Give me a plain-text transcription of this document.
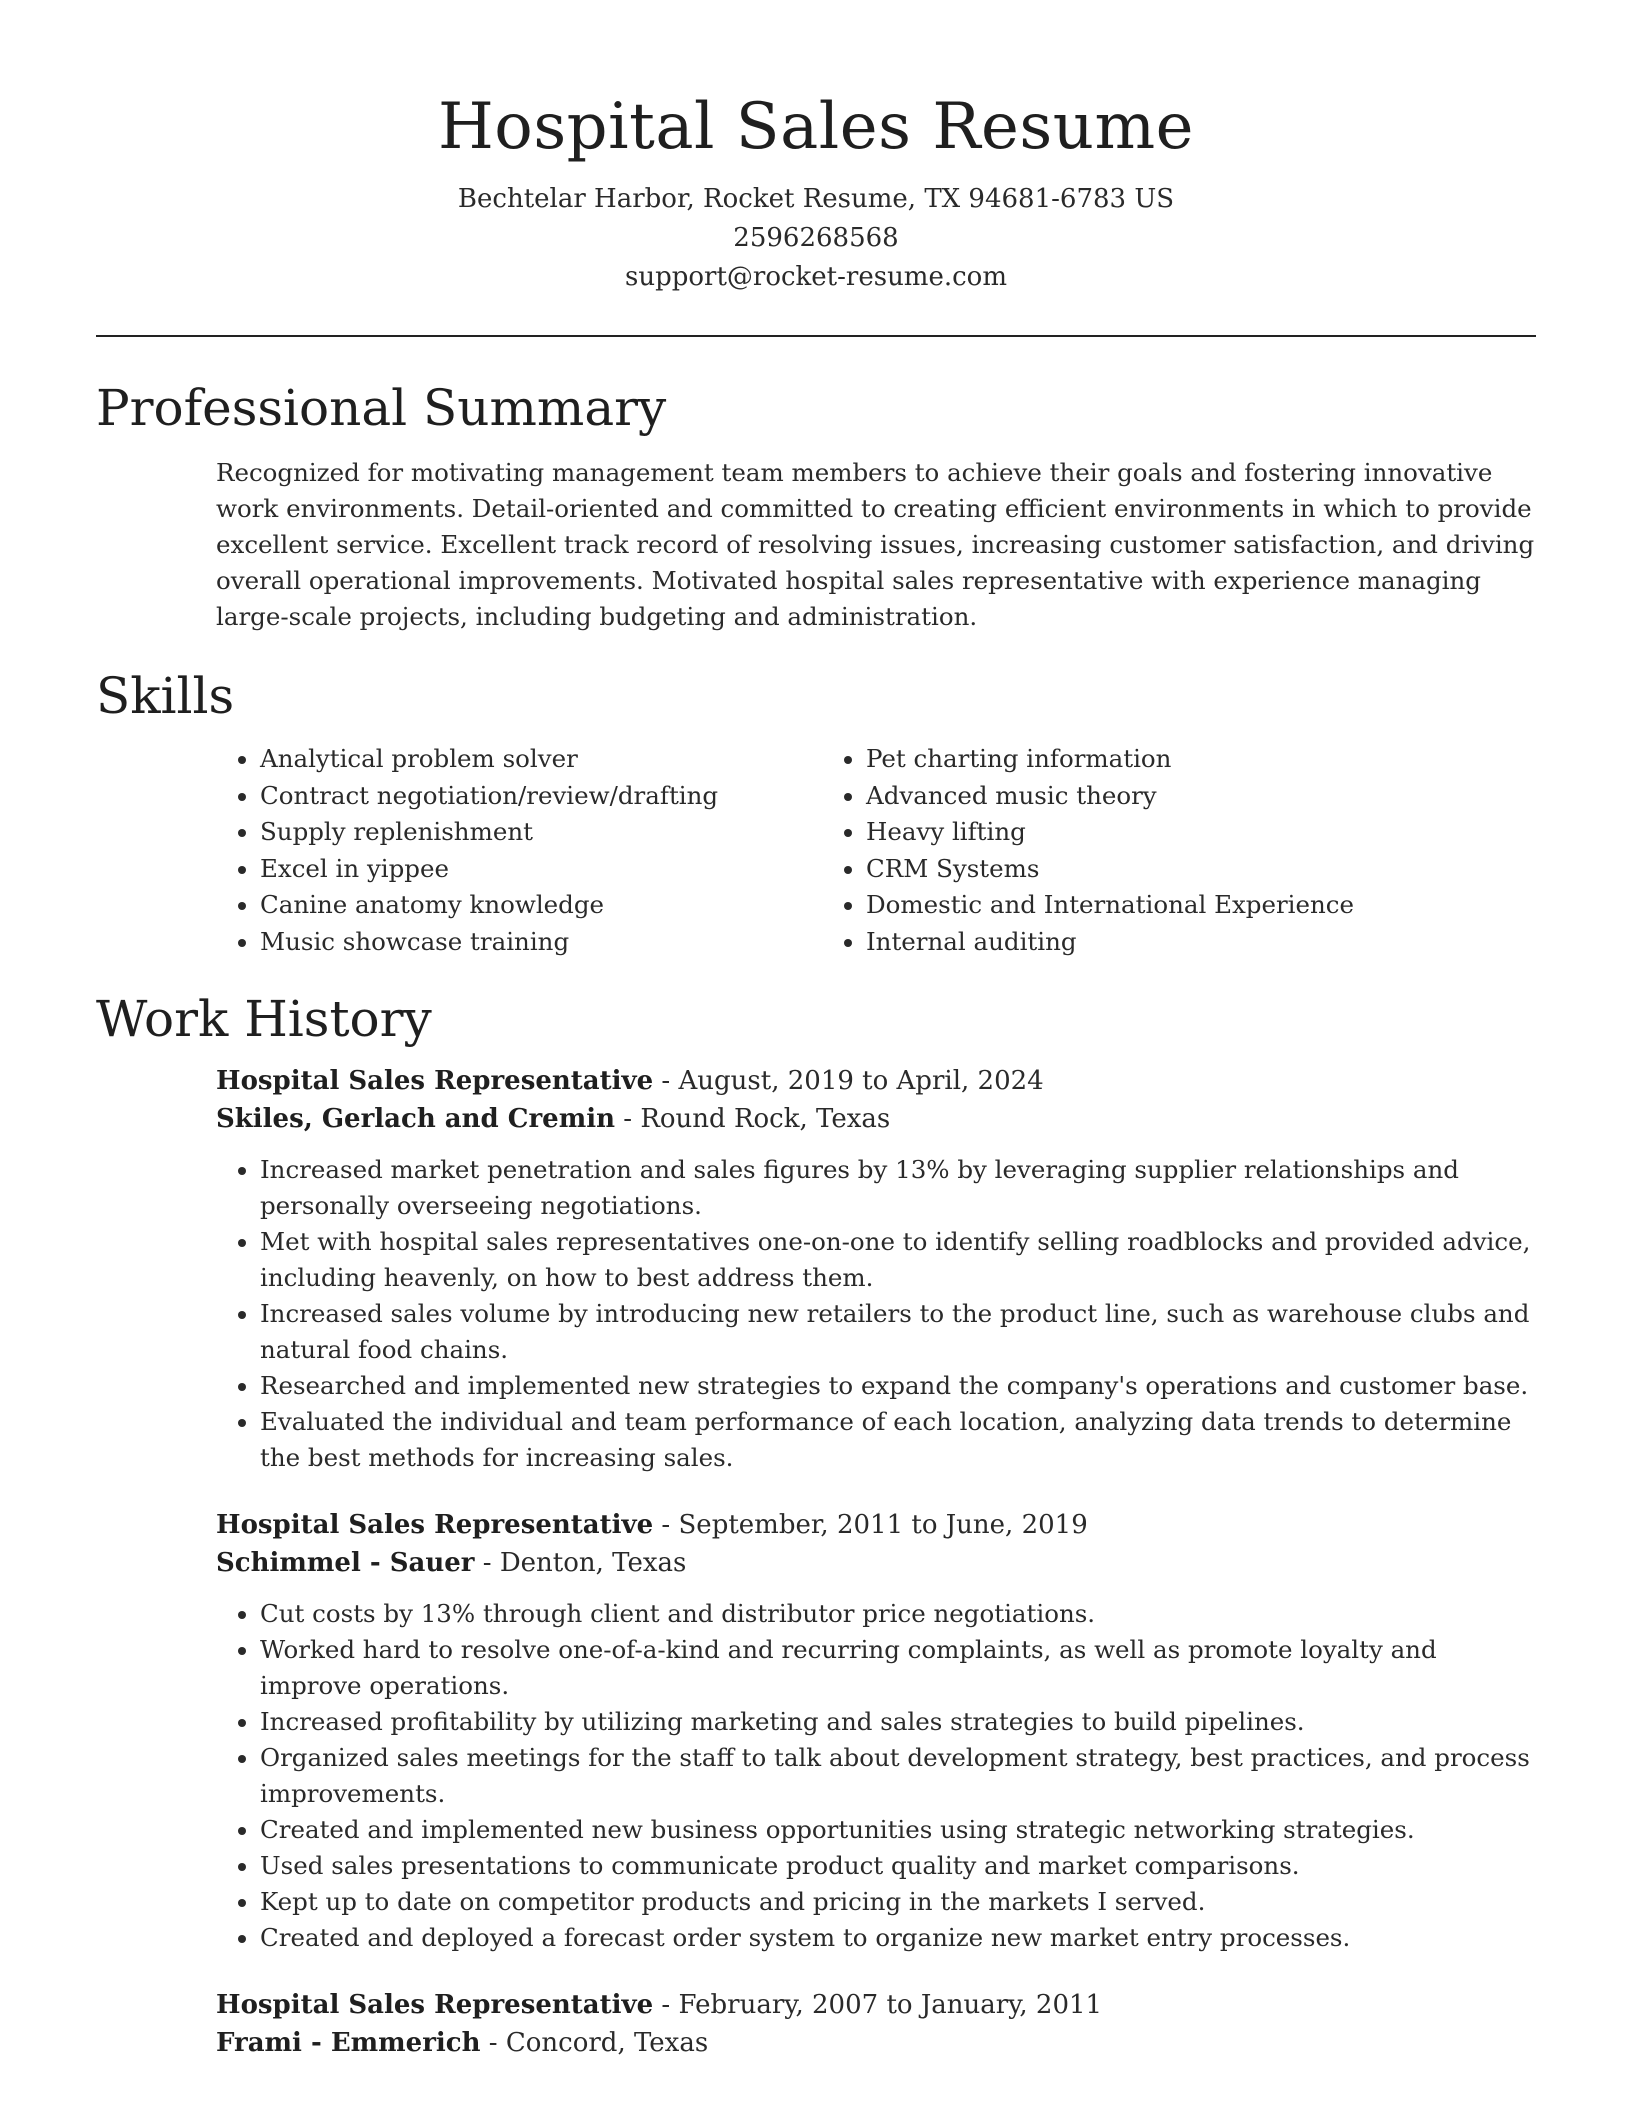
Hospital Sales Resume
Bechtelar Harbor, Rocket Resume, TX 94681-6783 US
2596268568
support@rocket-resume.com
Professional Summary

Recognized for motivating management team members to achieve their goals and fostering innovative work environments. Detail-oriented and committed to creating efficient environments in which to provide excellent service. Excellent track record of resolving issues, increasing customer satisfaction, and driving overall operational improvements. Motivated hospital sales representative with experience managing large-scale projects, including budgeting and administration.

Skills
• Analytical problem solver
• Contract negotiation/review/drafting
• Supply replenishment
• Excel in yippee
• Canine anatomy knowledge
• Music showcase training
• Pet charting information
• Advanced music theory
• Heavy lifting
• CRM Systems
• Domestic and International Experience
• Internal auditing
Work History
Hospital Sales Representative - August, 2019 to April, 2024
Skiles, Gerlach and Cremin - Round Rock, Texas
• Increased market penetration and sales figures by 13% by leveraging supplier relationships and personally overseeing negotiations.
• Met with hospital sales representatives one-on-one to identify selling roadblocks and provided advice, including heavenly, on how to best address them.
• Increased sales volume by introducing new retailers to the product line, such as warehouse clubs and natural food chains.
• Researched and implemented new strategies to expand the company's operations and customer base.
• Evaluated the individual and team performance of each location, analyzing data trends to determine the best methods for increasing sales.
Hospital Sales Representative - September, 2011 to June, 2019
Schimmel - Sauer - Denton, Texas
• Cut costs by 13% through client and distributor price negotiations.
• Worked hard to resolve one-of-a-kind and recurring complaints, as well as promote loyalty and improve operations.
• Increased profitability by utilizing marketing and sales strategies to build pipelines.
• Organized sales meetings for the staff to talk about development strategy, best practices, and process improvements.
• Created and implemented new business opportunities using strategic networking strategies.
• Used sales presentations to communicate product quality and market comparisons.
• Kept up to date on competitor products and pricing in the markets I served.
• Created and deployed a forecast order system to organize new market entry processes.
Hospital Sales Representative - February, 2007 to January, 2011
Frami - Emmerich - Concord, Texas
